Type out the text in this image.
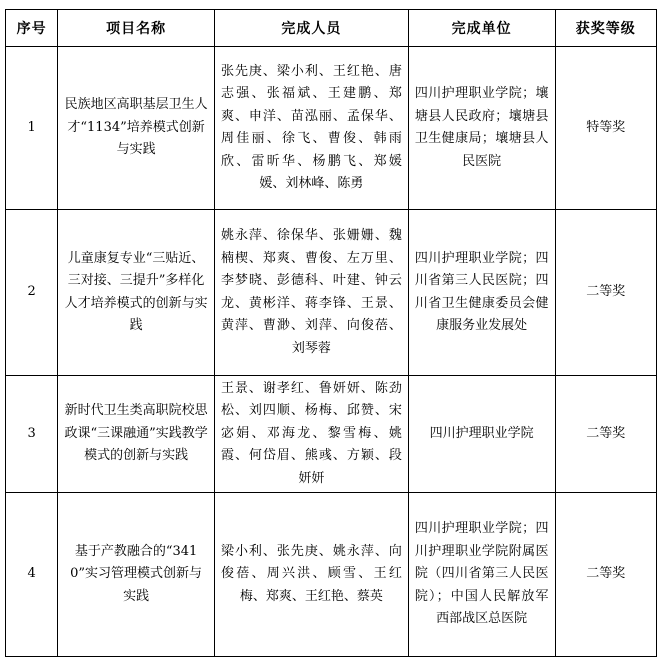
序号	项目名称	完成人员	完成单位	获奖等级
1	民族地区高职基层卫生人才“1134”培养模式创新与实践	张先庚、梁小利、王红艳、唐志强、张福斌、王建鹏、郑爽、申洋、苗泓丽、孟保华、周佳丽、徐飞、曹俊、韩雨欣、雷昕华、杨鹏飞、郑媛媛、刘林峰、陈勇	四川护理职业学院；壤塘县人民政府；壤塘县卫生健康局；壤塘县人民医院	特等奖
2	儿童康复专业“三贴近、三对接、三提升”多样化人才培养模式的创新与实践	姚永萍、徐保华、张姗姗、魏楠楔、郑爽、曹俊、左万里、李梦晓、彭德科、叶建、钟云龙、黄彬洋、蒋李锋、王景、黄萍、曹渺、刘萍、向俊蓓、刘琴蓉	四川护理职业学院；四川省第三人民医院；四川省卫生健康委员会健康服务业发展处	二等奖
3	新时代卫生类高职院校思政课“三课融通”实践教学模式的创新与实践	王景、谢孝红、鲁妍妍、陈劲松、刘四顺、杨梅、邱赞、宋宓娟、邓海龙、黎雪梅、姚霞、何岱眉、熊彧、方颖、段妍妍	四川护理职业学院	二等奖
4	基于产教融合的“3410”实习管理模式创新与实践	梁小利、张先庚、姚永萍、向俊蓓、周兴洪、顾雪、王红梅、郑爽、王红艳、蔡英	四川护理职业学院；四川护理职业学院附属医院（四川省第三人民医院）；中国人民解放军西部战区总医院	二等奖
